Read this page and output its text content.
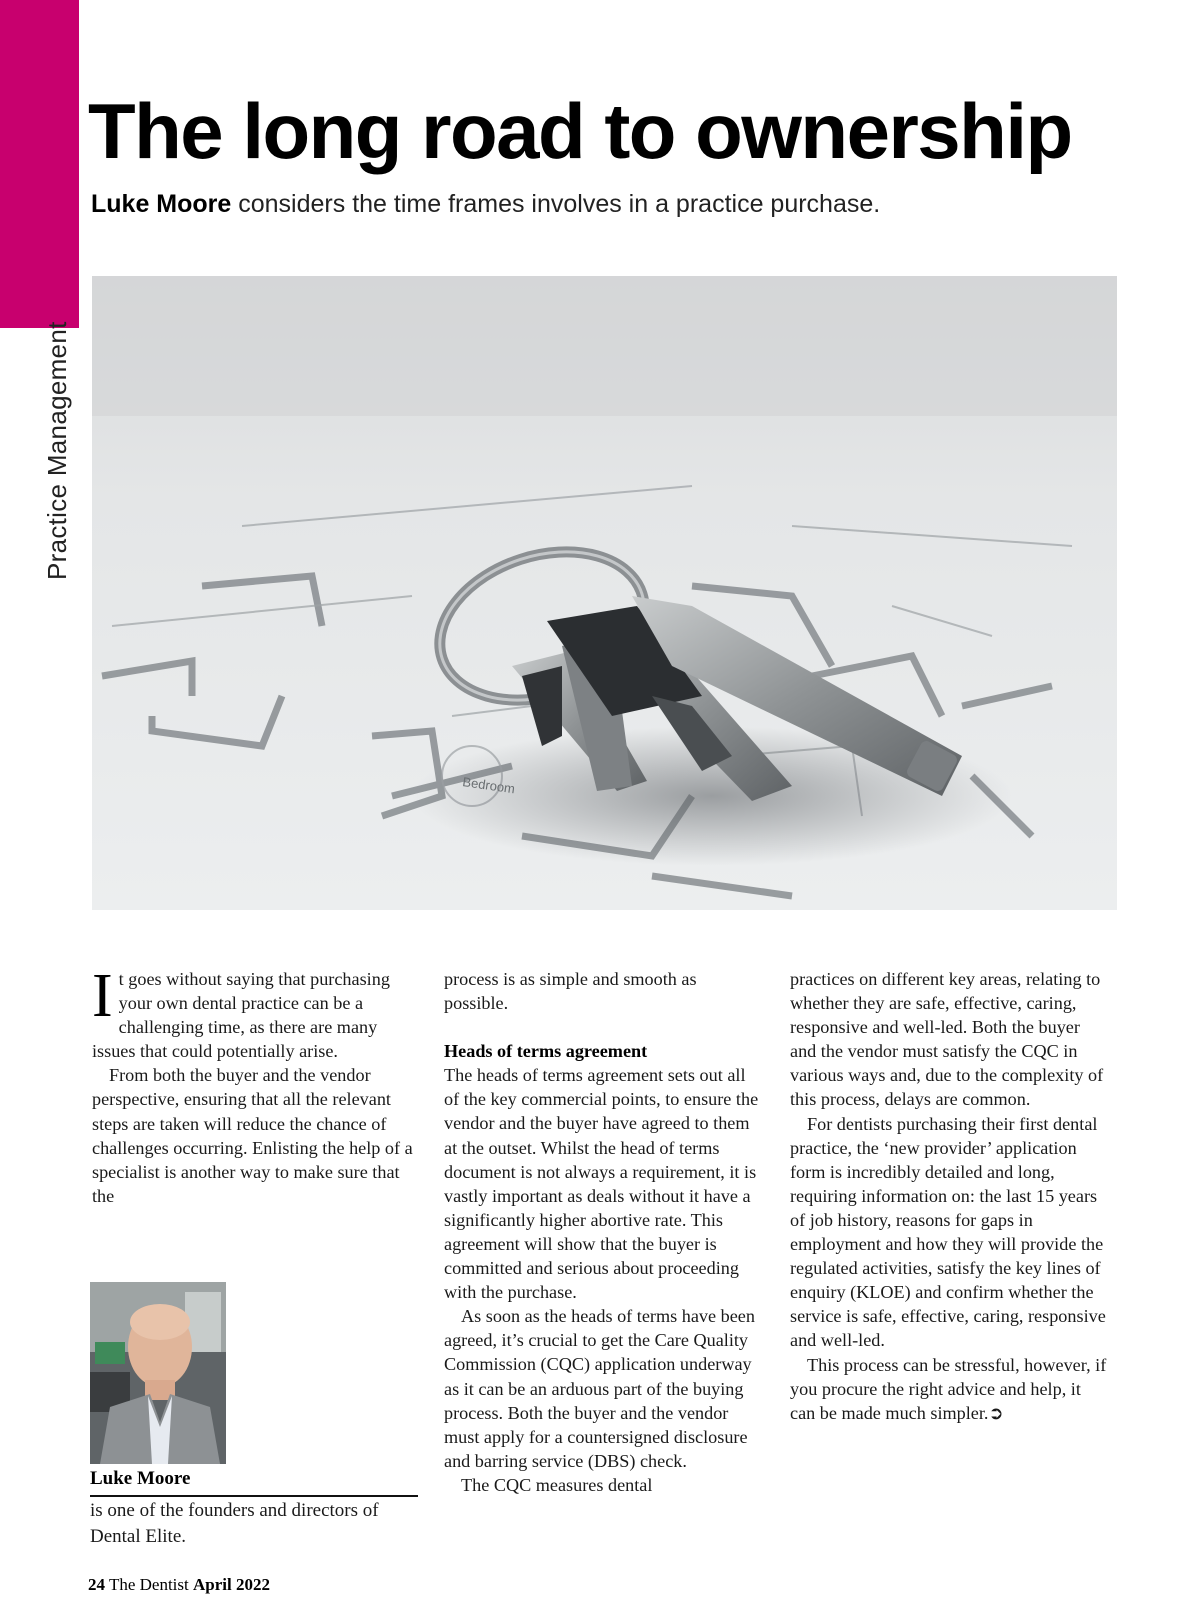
Practice Management
The long road to ownership
Luke Moore considers the time frames involves in a practice purchase.

It goes without saying that purchasing your own dental practice can be a challenging time, as there are many issues that could potentially arise.

From both the buyer and the vendor perspective, ensuring that all the relevant steps are taken will reduce the chance of challenges occurring. Enlisting the help of a specialist is another way to make sure that the

process is as simple and smooth as possible.

Heads of terms agreement

The heads of terms agreement sets out all of the key commercial points, to ensure the vendor and the buyer have agreed to them at the outset. Whilst the head of terms document is not always a requirement, it is vastly important as deals without it have a significantly higher abortive rate. This agreement will show that the buyer is committed and serious about proceeding with the purchase.

As soon as the heads of terms have been agreed, it’s crucial to get the Care Quality Commission (CQC) application underway as it can be an arduous part of the buying process. Both the buyer and the vendor must apply for a countersigned disclosure and barring service (DBS) check.

The CQC measures dental

practices on different key areas, relating to whether they are safe, effective, caring, responsive and well-led. Both the buyer and the vendor must satisfy the CQC in various ways and, due to the complexity of this process, delays are common.

For dentists purchasing their first dental practice, the ‘new provider’ application form is incredibly detailed and long, requiring information on: the last 15 years of job history, reasons for gaps in employment and how they will provide the regulated activities, satisfy the key lines of enquiry (KLOE) and confirm whether the service is safe, effective, caring, responsive and well-led.

This process can be stressful, however, if you procure the right advice and help, it can be made much simpler.➲

Luke Moore
is one of the founders and directors of Dental Elite.
24 The Dentist April 2022
